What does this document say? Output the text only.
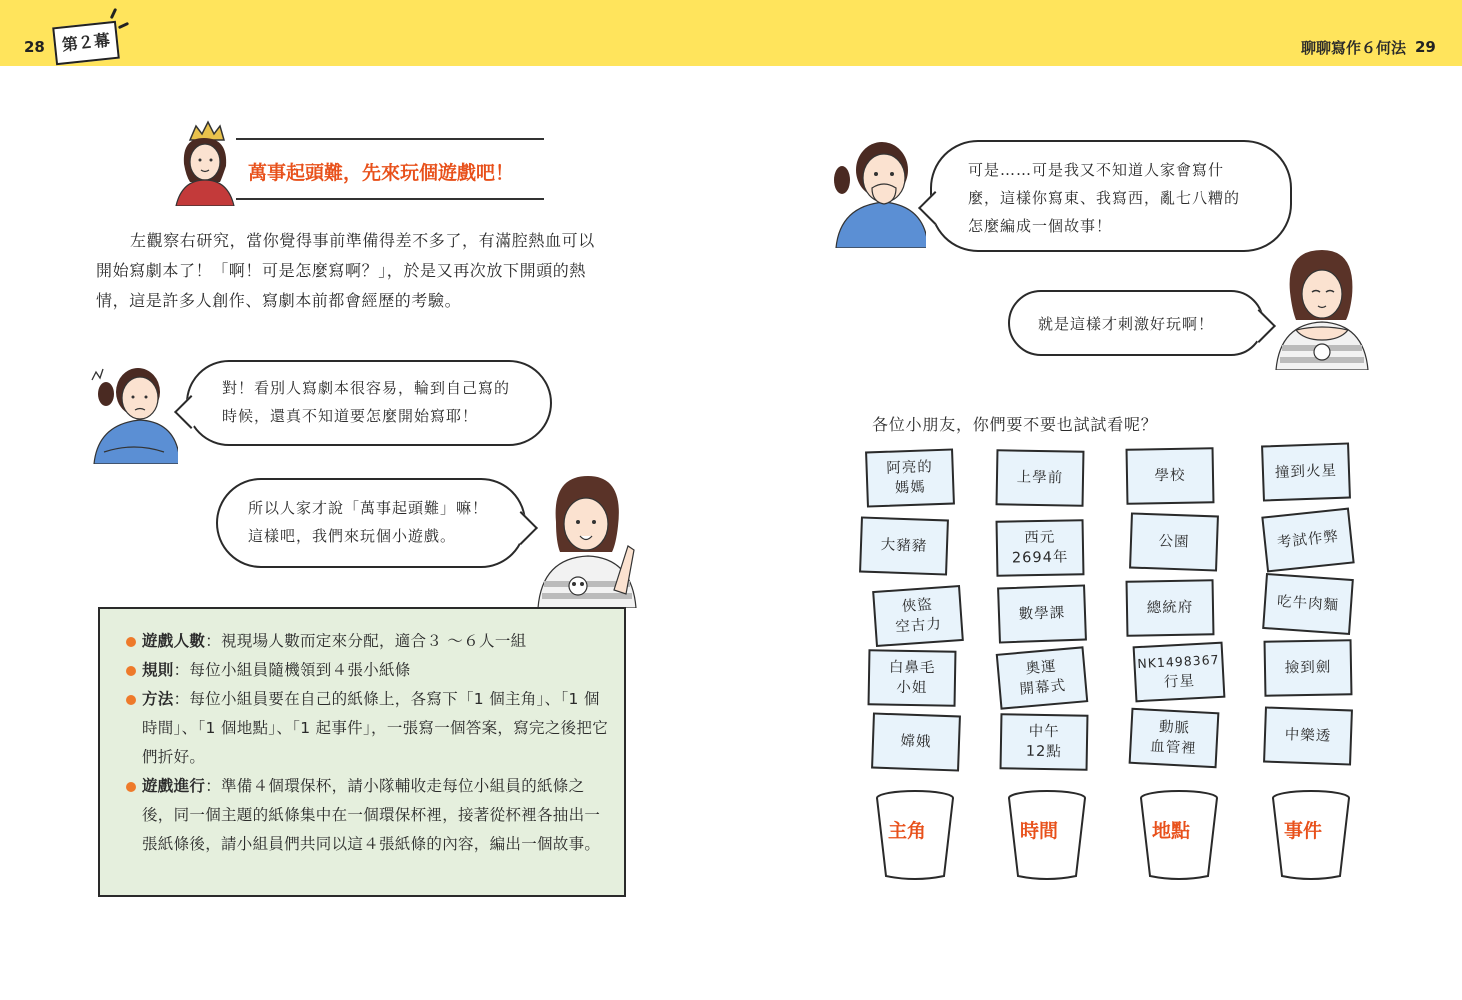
28	第２幕	聊聊寫作６何法 29
萬事起頭難，先來玩個遊戲吧！
左觀察右研究，當你覺得事前準備得差不多了，有滿腔熱血可以
開始寫劇本了！「啊！可是怎麼寫啊？」，於是又再次放下開頭的熱
情，這是許多人創作、寫劇本前都會經歷的考驗。
對！看別人寫劇本很容易，輪到自己寫的
時候，還真不知道要怎麼開始寫耶！
所以人家才說「萬事起頭難」嘛！
這樣吧，我們來玩個小遊戲。
遊戲人數：視現場人數而定來分配，適合３ ～６人一組
規則：每位小組員隨機領到４張小紙條
方法：每位小組員要在自己的紙條上，各寫下「1 個主角」、「1 個時間」、「1 個地點」、「1 起事件」，一張寫一個答案，寫完之後把它們折好。
遊戲進行：準備４個環保杯，請小隊輔收走每位小組員的紙條之後，同一個主題的紙條集中在一個環保杯裡，接著從杯裡各抽出一張紙條後，請小組員們共同以這４張紙條的內容，編出一個故事。
可是……可是我又不知道人家會寫什
麼，這樣你寫東、我寫西，亂七八糟的
怎麼編成一個故事！
就是這樣才刺激好玩啊！
各位小朋友，你們要不要也試試看呢？
阿亮的
媽媽
大豬豬
俠盜
空古力
白鼻毛
小姐
嫦娥
上學前
西元
2694年
數學課
奧運
開幕式
中午
12點
學校
公園
總統府
NK1498367
行星
動脈
血管裡
撞到火星
考試作弊
吃牛肉麵
撿到劍
中樂透
主角	時間	地點	事件
